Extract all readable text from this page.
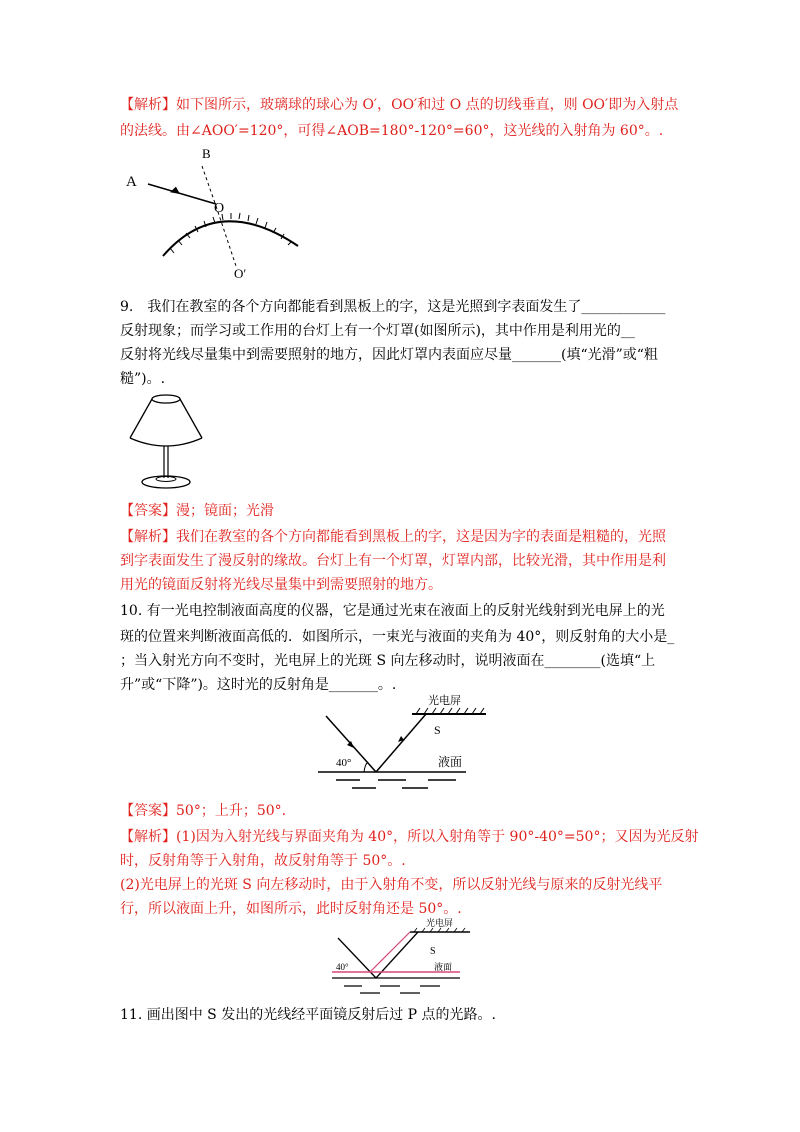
【解析】如下图所示，玻璃球的球心为 O′，OO′和过 O 点的切线垂直，则 OO′即为入射点
的法线。由∠AOO′=120°，可得∠AOB=180°-120°=60°，这光线的入射角为 60°。.
A
B
O
O′
9.　我们在教室的各个方向都能看到黑板上的字，这是光照到字表面发生了____________
反射现象；而学习或工作用的台灯上有一个灯罩(如图所示)，其中作用是利用光的__
反射将光线尽量集中到需要照射的地方，因此灯罩内表面应尽量_______(填“光滑”或“粗
糙”)。.
【答案】漫；镜面；光滑
【解析】我们在教室的各个方向都能看到黑板上的字，这是因为字的表面是粗糙的，光照
到字表面发生了漫反射的缘故。台灯上有一个灯罩，灯罩内部，比较光滑，其中作用是利
用光的镜面反射将光线尽量集中到需要照射的地方。
10. 有一光电控制液面高度的仪器，它是通过光束在液面上的反射光线射到光电屏上的光
斑的位置来判断液面高低的．如图所示，一束光与液面的夹角为 40°，则反射角的大小是_
；当入射光方向不变时，光电屏上的光斑 S 向左移动时，说明液面在________(选填“上
升”或“下降”)。这时光的反射角是_______。.
光电屏
S
40°	液面
【答案】50°；上升；50°.
【解析】(1)因为入射光线与界面夹角为 40°，所以入射角等于 90°-40°=50°；又因为光反射
时，反射角等于入射角，故反射角等于 50°。.
(2)光电屏上的光斑 S 向左移动时，由于入射角不变，所以反射光线与原来的反射光线平
行，所以液面上升，如图所示，此时反射角还是 50°。.
光电屏
S
40°	液面
11. 画出图中 S 发出的光线经平面镜反射后过 P 点的光路。.
